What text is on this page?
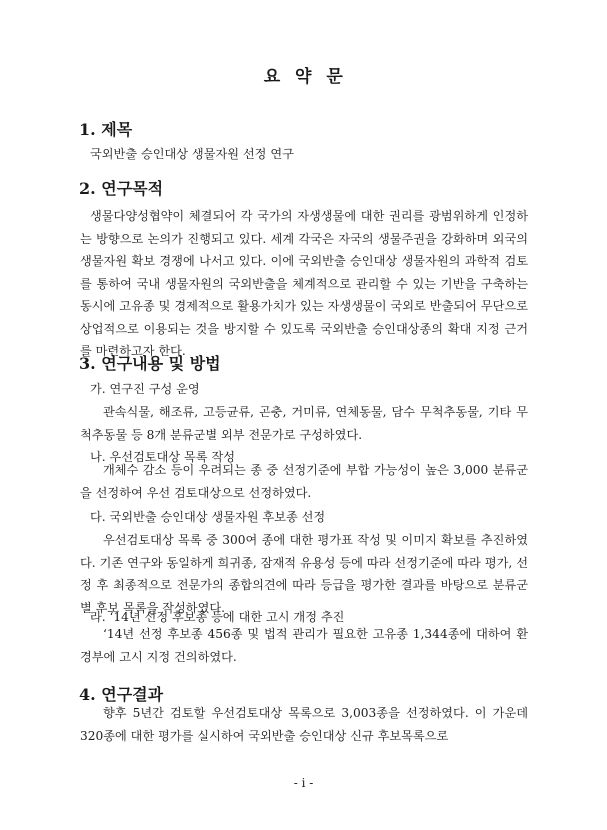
요 약 문
1. 제목
국외반출 승인대상 생물자원 선정 연구
2. 연구목적
생물다양성협약이 체결되어 각 국가의 자생생물에 대한 권리를 광범위하게 인정하는 방향으로 논의가 진행되고 있다. 세계 각국은 자국의 생물주권을 강화하며 외국의 생물자원 확보 경쟁에 나서고 있다. 이에 국외반출 승인대상 생물자원의 과학적 검토를 통하여 국내 생물자원의 국외반출을 체계적으로 관리할 수 있는 기반을 구축하는 동시에 고유종 및 경제적으로 활용가치가 있는 자생생물이 국외로 반출되어 무단으로 상업적으로 이용되는 것을 방지할 수 있도록 국외반출 승인대상종의 확대 지정 근거를 마련하고자 한다.
3. 연구내용 및 방법
가. 연구진 구성 운영
관속식물, 해조류, 고등균류, 곤충, 거미류, 연체동물, 담수 무척추동물, 기타 무척추동물 등 8개 분류군별 외부 전문가로 구성하였다.
나. 우선검토대상 목록 작성
개체수 감소 등이 우려되는 종 중 선정기준에 부합 가능성이 높은 3,000 분류군을 선정하여 우선 검토대상으로 선정하였다.
다. 국외반출 승인대상 생물자원 후보종 선정
우선검토대상 목록 중 300여 종에 대한 평가표 작성 및 이미지 확보를 추진하였다. 기존 연구와 동일하게 희귀종, 잠재적 유용성 등에 따라 선정기준에 따라 평가, 선정 후 최종적으로 전문가의 종합의견에 따라 등급을 평가한 결과를 바탕으로 분류군별 후보 목록을 작성하였다.
라. ‘14년 선정 후보종 등에 대한 고시 개정 추진
‘14년 선정 후보종 456종 및 법적 관리가 필요한 고유종 1,344종에 대하여 환경부에 고시 지정 건의하였다.
4. 연구결과
향후 5년간 검토할 우선검토대상 목록으로 3,003종을 선정하였다. 이 가운데 320종에 대한 평가를 실시하여 국외반출 승인대상 신규 후보목록으로
- i -
